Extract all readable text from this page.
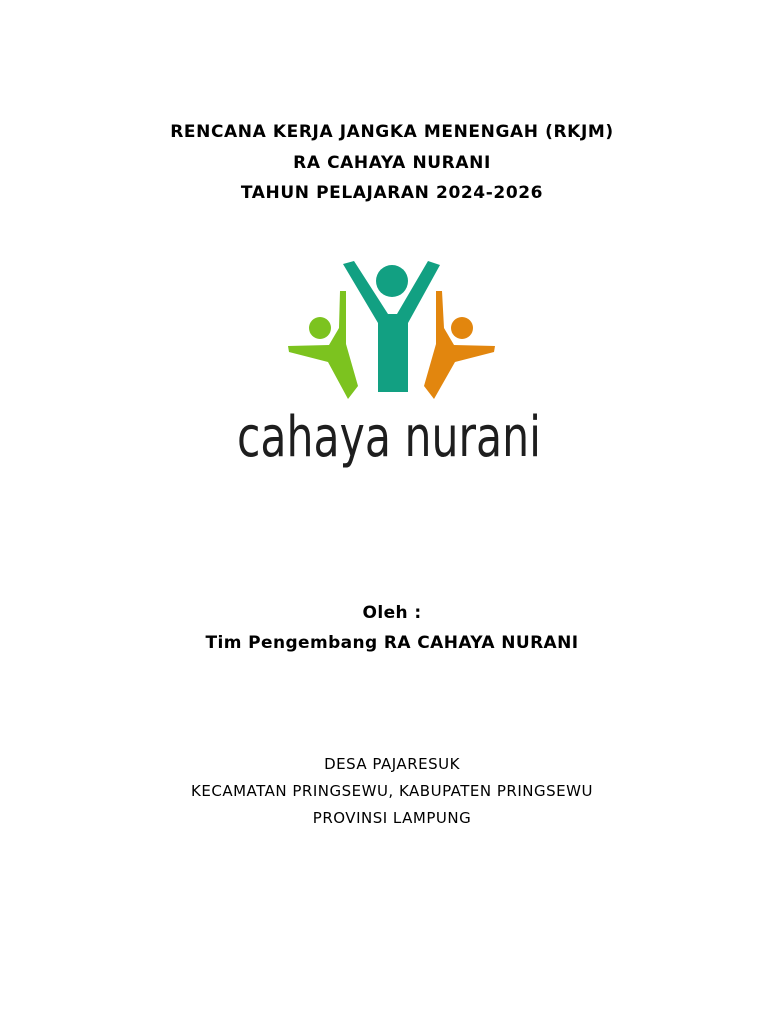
RENCANA KERJA JANGKA MENENGAH (RKJM)
RA CAHAYA NURANI
TAHUN PELAJARAN 2024-2026
cahaya nurani
Oleh :
Tim Pengembang RA CAHAYA NURANI
DESA PAJARESUK
KECAMATAN PRINGSEWU, KABUPATEN PRINGSEWU
PROVINSI LAMPUNG
